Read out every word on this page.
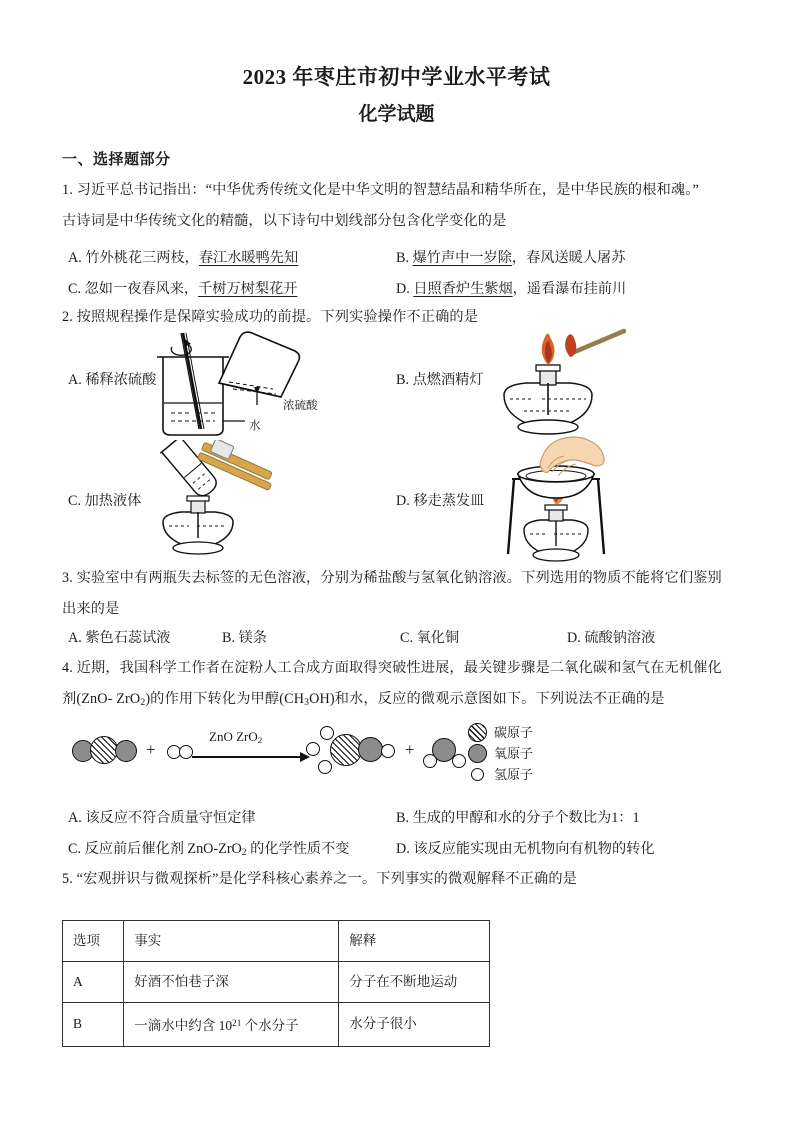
2023 年枣庄市初中学业水平考试
化学试题
一、选择题部分
1. 习近平总书记指出：“中华优秀传统文化是中华文明的智慧结晶和精华所在，是中华民族的根和魂。”
古诗词是中华传统文化的精髓，以下诗句中划线部分包含化学变化的是
A. 竹外桃花三两枝，春江水暖鸭先知	B. 爆竹声中一岁除，春风送暖人屠苏
C. 忽如一夜春风来，千树万树梨花开	D. 日照香炉生紫烟，遥看瀑布挂前川
2. 按照规程操作是保障实验成功的前提。下列实验操作不正确的是
A. 稀释浓硫酸
浓硫酸
水
B. 点燃酒精灯
C. 加热液体	D. 移走蒸发皿
3. 实验室中有两瓶失去标签的无色溶液，分别为稀盐酸与氢氧化钠溶液。下列选用的物质不能将它们鉴别
出来的是
A. 紫色石蕊试液	B. 镁条	C. 氧化铜	D. 硫酸钠溶液
4. 近期，我国科学工作者在淀粉人工合成方面取得突破性进展，最关键步骤是二氧化碳和氢气在无机催化
剂(ZnO- ZrO$_2$)的作用下转化为甲醇$(CH_3OH)$和水，反应的微观示意图如下。下列说法不正确的是
+
ZnO ZrO$_2$
+
碳原子
氧原子
氢原子
A. 该反应不符合质量守恒定律	B. 生成的甲醇和水的分子个数比为1：1
C. 反应前后催化剂 ZnO-ZrO$_2$ 的化学性质不变	D. 该反应能实现由无机物向有机物的转化
5. “宏观拼识与微观探析”是化学科核心素养之一。下列事实的微观解释不正确的是
选项	事实	解释
A	好酒不怕巷子深	分子在不断地运动
B	一滴水中约含 $10^{21}$ 个水分子	水分子很小
